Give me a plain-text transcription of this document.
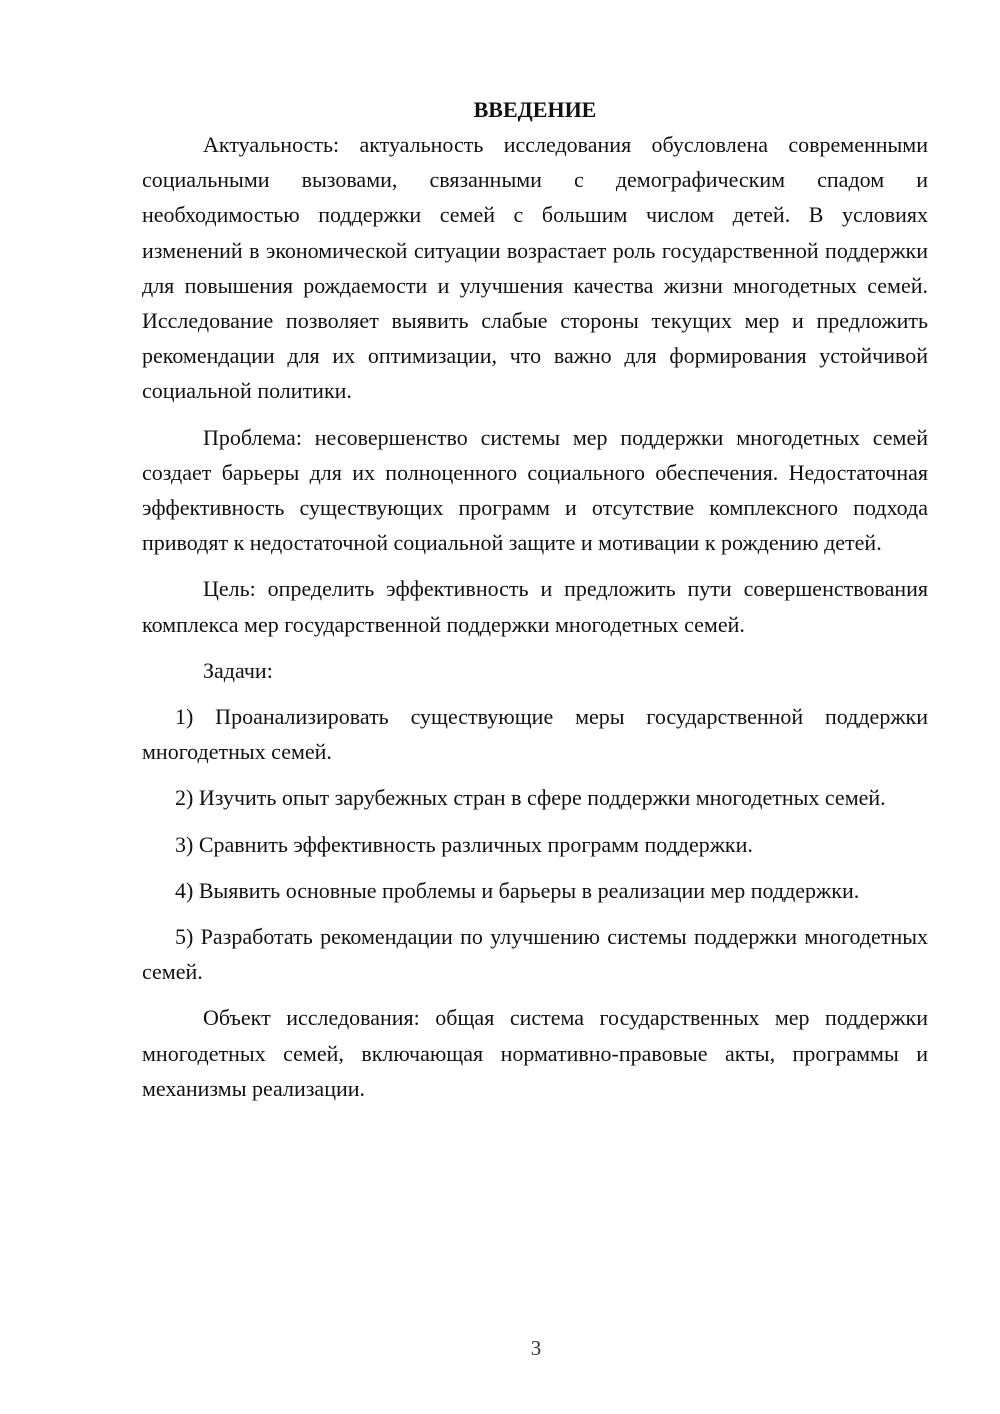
ВВЕДЕНИЕ

Актуальность: актуальность исследования обусловлена современными социальными вызовами, связанными с демографическим спадом и необходимостью поддержки семей с большим числом детей. В условиях изменений в экономической ситуации возрастает роль государственной поддержки для повышения рождаемости и улучшения качества жизни многодетных семей. Исследование позволяет выявить слабые стороны текущих мер и предложить рекомендации для их оптимизации, что важно для формирования устойчивой социальной политики.

Проблема: несовершенство системы мер поддержки многодетных семей создает барьеры для их полноценного социального обеспечения. Недостаточная эффективность существующих программ и отсутствие комплексного подхода приводят к недостаточной социальной защите и мотивации к рождению детей.

Цель: определить эффективность и предложить пути совершенствования комплекса мер государственной поддержки многодетных семей.

Задачи:

1) Проанализировать существующие меры государственной поддержки многодетных семей.

2) Изучить опыт зарубежных стран в сфере поддержки многодетных семей.

3) Сравнить эффективность различных программ поддержки.

4) Выявить основные проблемы и барьеры в реализации мер поддержки.

5) Разработать рекомендации по улучшению системы поддержки многодетных семей.

Объект исследования: общая система государственных мер поддержки многодетных семей, включающая нормативно-правовые акты, программы и механизмы реализации.

3
